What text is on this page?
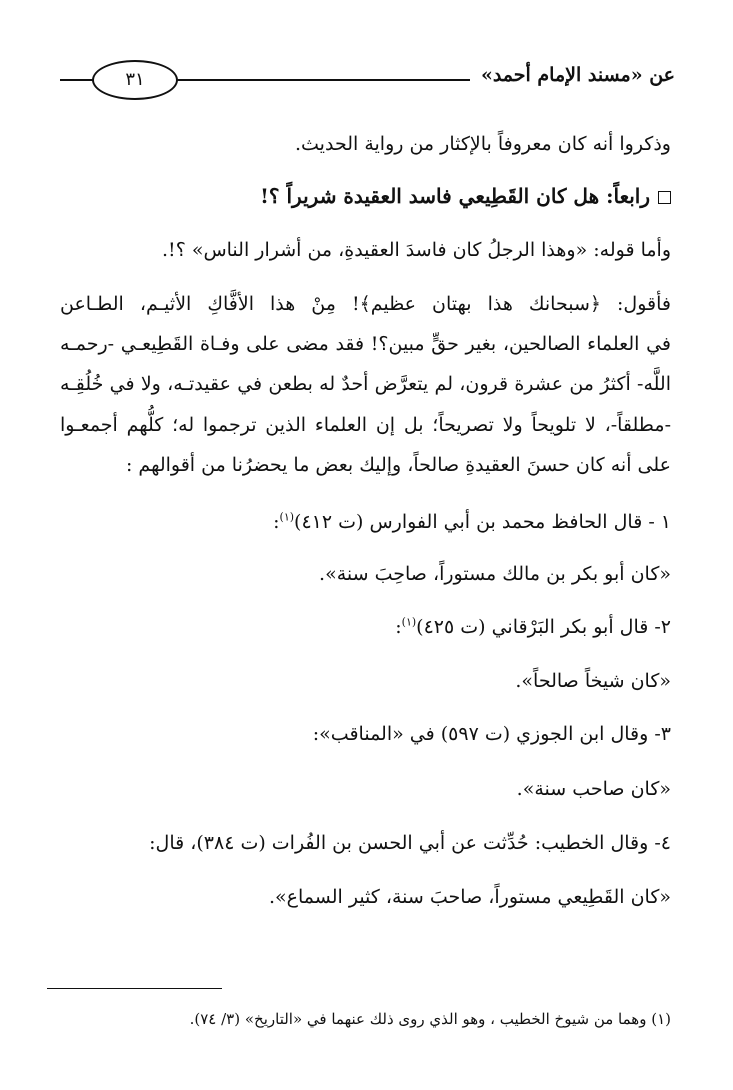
عن «مسند الإمام أحمد»
٣١
وذكروا أنه كان معروفاً بالإكثار من رواية الحديث.
رابعاً: هل كان القَطِيعي فاسد العقيدة شريراً ؟!
وأما قوله: «وهذا الرجلُ كان فاسدَ العقيدةِ، من أشرار الناس» ؟!.
فأقول: ﴿سبحانك هذا بهتان عظيم﴾! مِنْ هذا الأفَّاكِ الأثيـم، الطـاعن
في العلماء الصالحين، بغير حقٍّ مبين؟! فقد مضى على وفـاة القَطِيعـي -رحمـه
اللَّه- أكثرُ من عشرة قرون، لم يتعرَّض أحدٌ له بطعن في عقيدتـه، ولا في خُلُقِـه
-مطلقاً-، لا تلويحاً ولا تصريحاً؛ بل إن العلماء الذين ترجموا له؛ كلُّهم أجمعـوا
على أنه كان حسنَ العقيدةِ صالحاً، وإليك بعض ما يحضرُنا من أقوالهم :
١ - قال الحافظ محمد بن أبي الفوارس (ت ٤١٢)$^{(١)}$:
«كان أبو بكر بن مالك مستوراً، صاحِبَ سنة».
٢- قال أبو بكر البَرْقاني (ت ٤٢٥)$^{(١)}$:
«كان شيخاً صالحاً».
٣- وقال ابن الجوزي (ت ٥٩٧) في «المناقب»:
«كان صاحب سنة».
٤- وقال الخطيب: حُدِّثت عن أبي الحسن بن الفُرات (ت ٣٨٤)، قال:
«كان القَطِيعي مستوراً، صاحبَ سنة، كثير السماع».
(١) وهما من شيوخ الخطيب ، وهو الذي روى ذلك عنهما في «التاريخ» (٣/ ٧٤).
